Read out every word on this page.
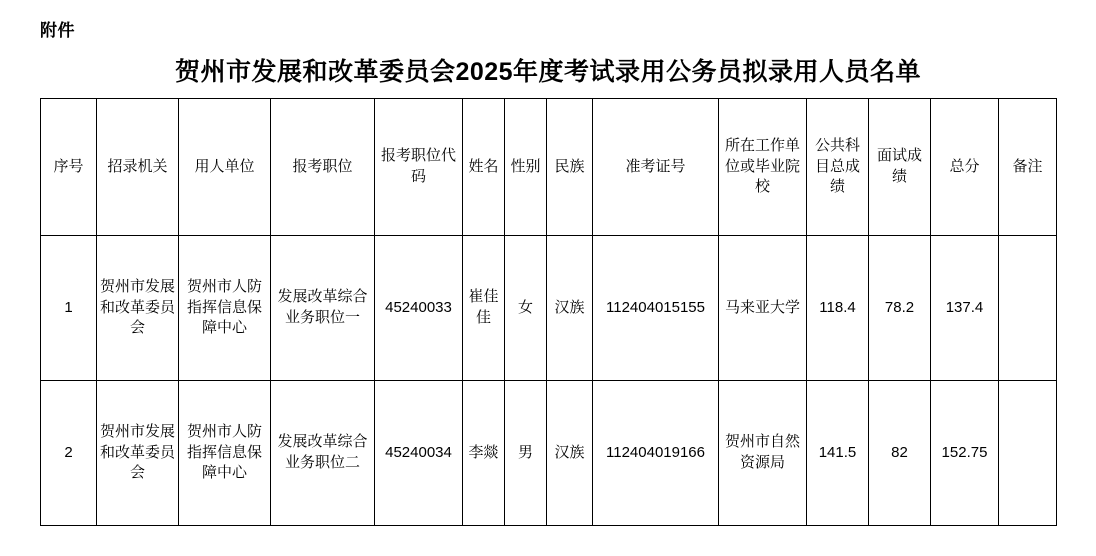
附件
贺州市发展和改革委员会2025年度考试录用公务员拟录用人员名单
序号	招录机关	用人单位	报考职位	报考职位代码	姓名	性别	民族	准考证号	所在工作单位或毕业院校	公共科目总成绩	面试成绩	总分	备注
1	贺州市发展和改革委员会	贺州市人防指挥信息保障中心	发展改革综合业务职位一	45240033	崔佳佳	女	汉族	112404015155	马来亚大学	118.4	78.2	137.4	
2	贺州市发展和改革委员会	贺州市人防指挥信息保障中心	发展改革综合业务职位二	45240034	李燚	男	汉族	112404019166	贺州市自然资源局	141.5	82	152.75	
